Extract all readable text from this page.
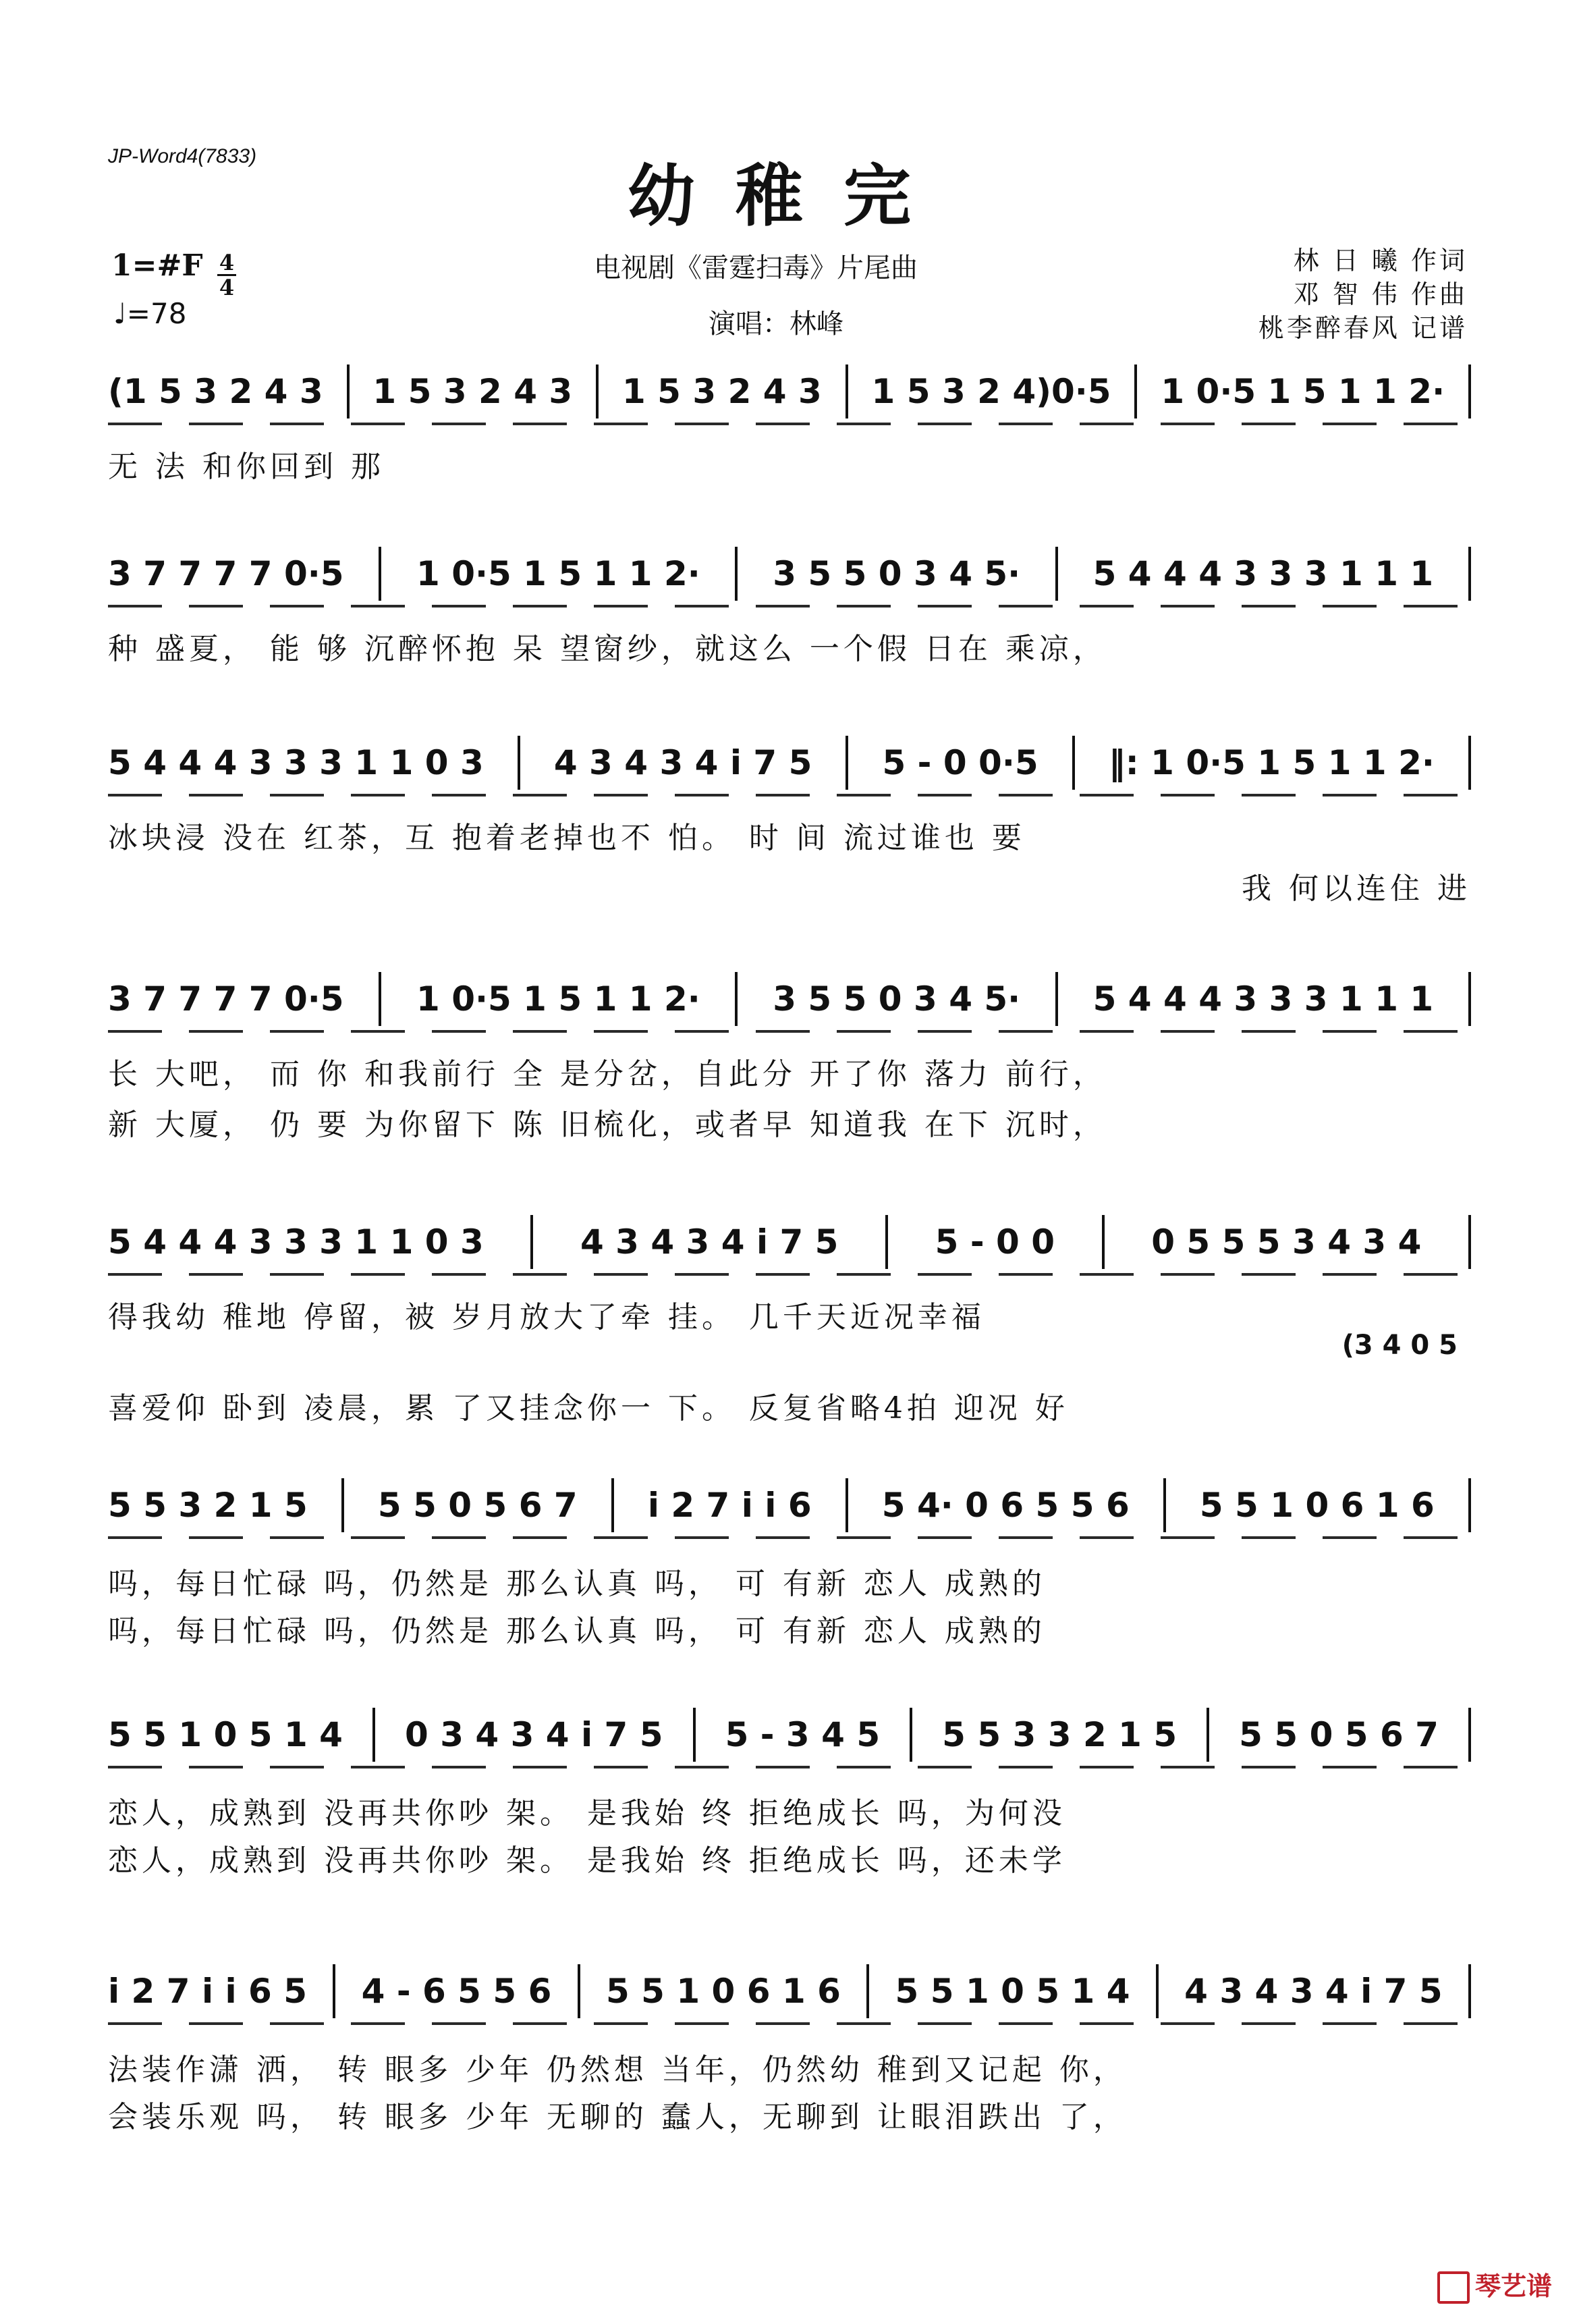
JP-Word4(7833)	幼稚完
电视剧《雷霆扫毒》片尾曲
演唱：林峰
林 日 曦 作词
邓 智 伟 作曲
桃李醉春风 记谱
1=#F 4
4
♩=78
(1 5 3 2 4 3 1 5 3 2 4 3 1 5 3 2 4 3 1 5 3 2 4)0·5 1 0·5 1 5 1 1 2·
无 法 和你回到 那
3 7 7 7 7 0·5 1 0·5 1 5 1 1 2· 3 5 5 0 3 4 5· 5 4 4 4 3 3 3 1 1 1
种 盛夏， 能 够 沉醉怀抱 呆 望窗纱，就这么 一个假 日在 乘凉，
5 4 4 4 3 3 3 1 1 0 3 4 3 4 3 4 i 7 5 5 - 0 0·5 ‖: 1 0·5 1 5 1 1 2·
冰块浸 没在 红茶，互 抱着老掉也不 怕。 时 间 流过谁也 要
我 何以连住 进
3 7 7 7 7 0·5 1 0·5 1 5 1 1 2· 3 5 5 0 3 4 5· 5 4 4 4 3 3 3 1 1 1
长 大吧， 而 你 和我前行 全 是分岔，自此分 开了你 落力 前行，
新 大厦， 仍 要 为你留下 陈 旧梳化，或者早 知道我 在下 沉时，
5 4 4 4 3 3 3 1 1 0 3	4 3 4 3 4 i 7 5	5 - 0 0	0 5 5 5 3 4 3 4
得我幼 稚地 停留，被 岁月放大了牵 挂。 几千天近况幸福
喜爱仰 卧到 凌晨，累 了又挂念你一 下。 反复省略4拍 迎况 好
(3 4 0 5
5 5 3 2 1 5 5 5 0 5 6 7 i 2 7 i i 6 5 4· 0 6 5 5 6 5 5 1 0 6 1 6
吗，每日忙碌 吗，仍然是 那么认真 吗， 可 有新 恋人 成熟的
吗，每日忙碌 吗，仍然是 那么认真 吗， 可 有新 恋人 成熟的
5 5 1 0 5 1 4 0 3 4 3 4 i 7 5 5 - 3 4 5 5 5 3 3 2 1 5 5 5 0 5 6 7
恋人，成熟到 没再共你吵 架。 是我始 终 拒绝成长 吗，为何没
恋人，成熟到 没再共你吵 架。 是我始 终 拒绝成长 吗，还未学
i 2 7 i i 6 5 4 - 6 5 5 6 5 5 1 0 6 1 6 5 5 1 0 5 1 4 4 3 4 3 4 i 7 5
法装作潇 洒， 转 眼多 少年 仍然想 当年，仍然幼 稚到又记起 你，
会装乐观 吗， 转 眼多 少年 无聊的 蠢人，无聊到 让眼泪跌出 了，
琴艺谱
